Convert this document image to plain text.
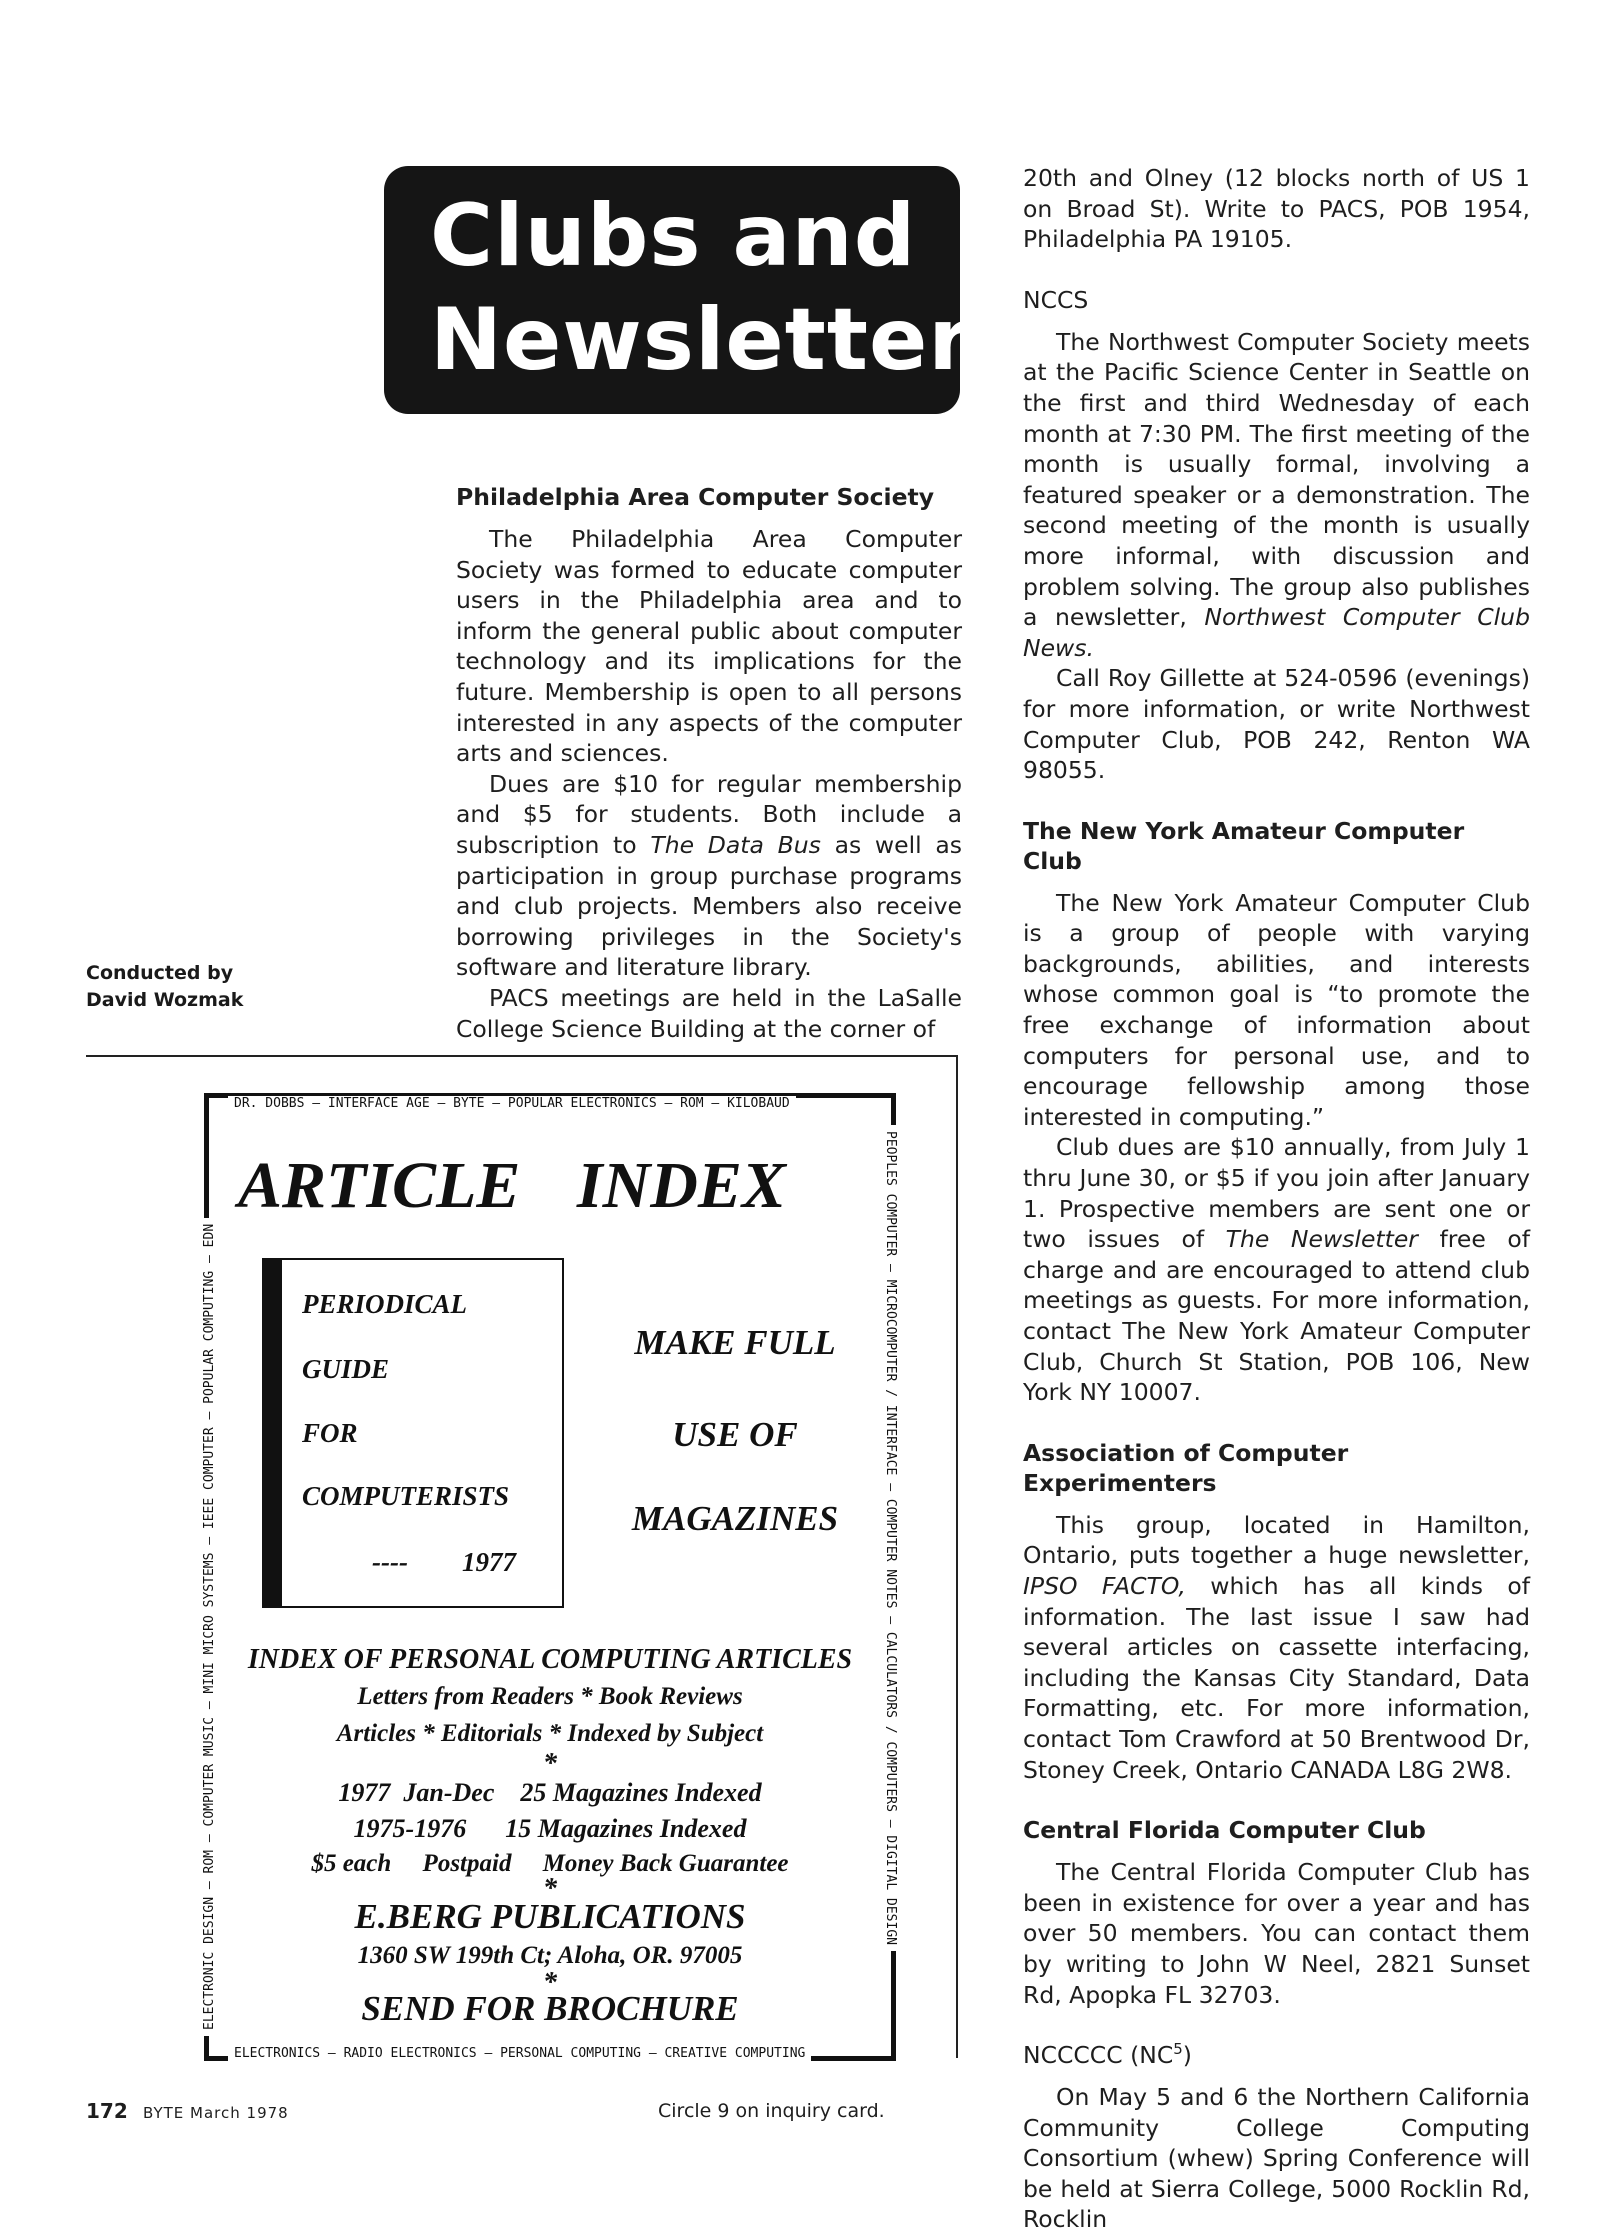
Clubs and
Newsletters
Conducted by
David Wozmak
Philadelphia Area Computer Society

The Philadelphia Area Computer Society was formed to educate computer users in the Philadelphia area and to inform the general public about computer technology and its implications for the future. Membership is open to all persons interested in any aspects of the computer arts and sciences.

Dues are $10 for regular membership and $5 for students. Both include a subscription to The Data Bus as well as participation in group purchase programs and club projects. Members also receive borrowing privileges in the Society's software and literature library.

PACS meetings are held in the LaSalle College Science Building at the corner of

20th and Olney (12 blocks north of US 1 on Broad St). Write to PACS, POB 1954, Philadelphia PA 19105.

NCCS

The Northwest Computer Society meets at the Pacific Science Center in Seattle on the first and third Wednesday of each month at 7:30 PM. The first meeting of the month is usually formal, involving a featured speaker or a demonstration. The second meeting of the month is usually more informal, with discussion and problem solving. The group also publishes a newsletter, Northwest Computer Club News.

Call Roy Gillette at 524-0596 (evenings) for more information, or write Northwest Computer Club, POB 242, Renton WA 98055.

The New York Amateur Computer Club

The New York Amateur Computer Club is a group of people with varying backgrounds, abilities, and interests whose common goal is “to promote the free exchange of information about computers for personal use, and to encourage fellowship among those interested in computing.”

Club dues are $10 annually, from July 1 thru June 30, or $5 if you join after January 1. Prospective members are sent one or two issues of The Newsletter free of charge and are encouraged to attend club meetings as guests. For more information, contact The New York Amateur Computer Club, Church St Station, POB 106, New York NY 10007.

Association of Computer Experimenters

This group, located in Hamilton, Ontario, puts together a huge newsletter, IPSO FACTO, which has all kinds of information. The last issue I saw had several articles on cassette interfacing, including the Kansas City Standard, Data Formatting, etc. For more information, contact Tom Crawford at 50 Brentwood Dr, Stoney Creek, Ontario CANADA L8G 2W8.

Central Florida Computer Club

The Central Florida Computer Club has been in existence for over a year and has over 50 members. You can contact them by writing to John W Neel, 2821 Sunset Rd, Apopka FL 32703.

NCCCCC $(NC^5)$

On May 5 and 6 the Northern California Community College Computing Consortium (whew) Spring Conference will be held at Sierra College, 5000 Rocklin Rd, Rocklin

DR. DOBBS — INTERFACE AGE — BYTE — POPULAR ELECTRONICS — ROM — KILOBAUD
ELECTRONICS — RADIO ELECTRONICS — PERSONAL COMPUTING — CREATIVE COMPUTING
ELECTRONIC DESIGN — ROM — COMPUTER MUSIC — MINI MICRO SYSTEMS — IEEE COMPUTER — POPULAR COMPUTING — EDN	PEOPLES COMPUTER — MICROCOMPUTER / INTERFACE — COMPUTER NOTES — CALCULATORS / COMPUTERS — DIGITAL DESIGN
ARTICLE INDEX
PERIODICAL
GUIDE
FOR
COMPUTERISTS
----        1977
MAKE FULL
USE OF
MAGAZINES
INDEX OF PERSONAL COMPUTING ARTICLES
Letters from Readers * Book Reviews
Articles * Editorials * Indexed by Subject
*
1977  Jan-Dec    25 Magazines Indexed
1975-1976      15 Magazines Indexed
$5 each     Postpaid     Money Back Guarantee
*
E.BERG PUBLICATIONS
1360 SW 199th Ct; Aloha, OR. 97005
*
SEND FOR BROCHURE
172 BYTE March 1978	Circle 9 on inquiry card.
